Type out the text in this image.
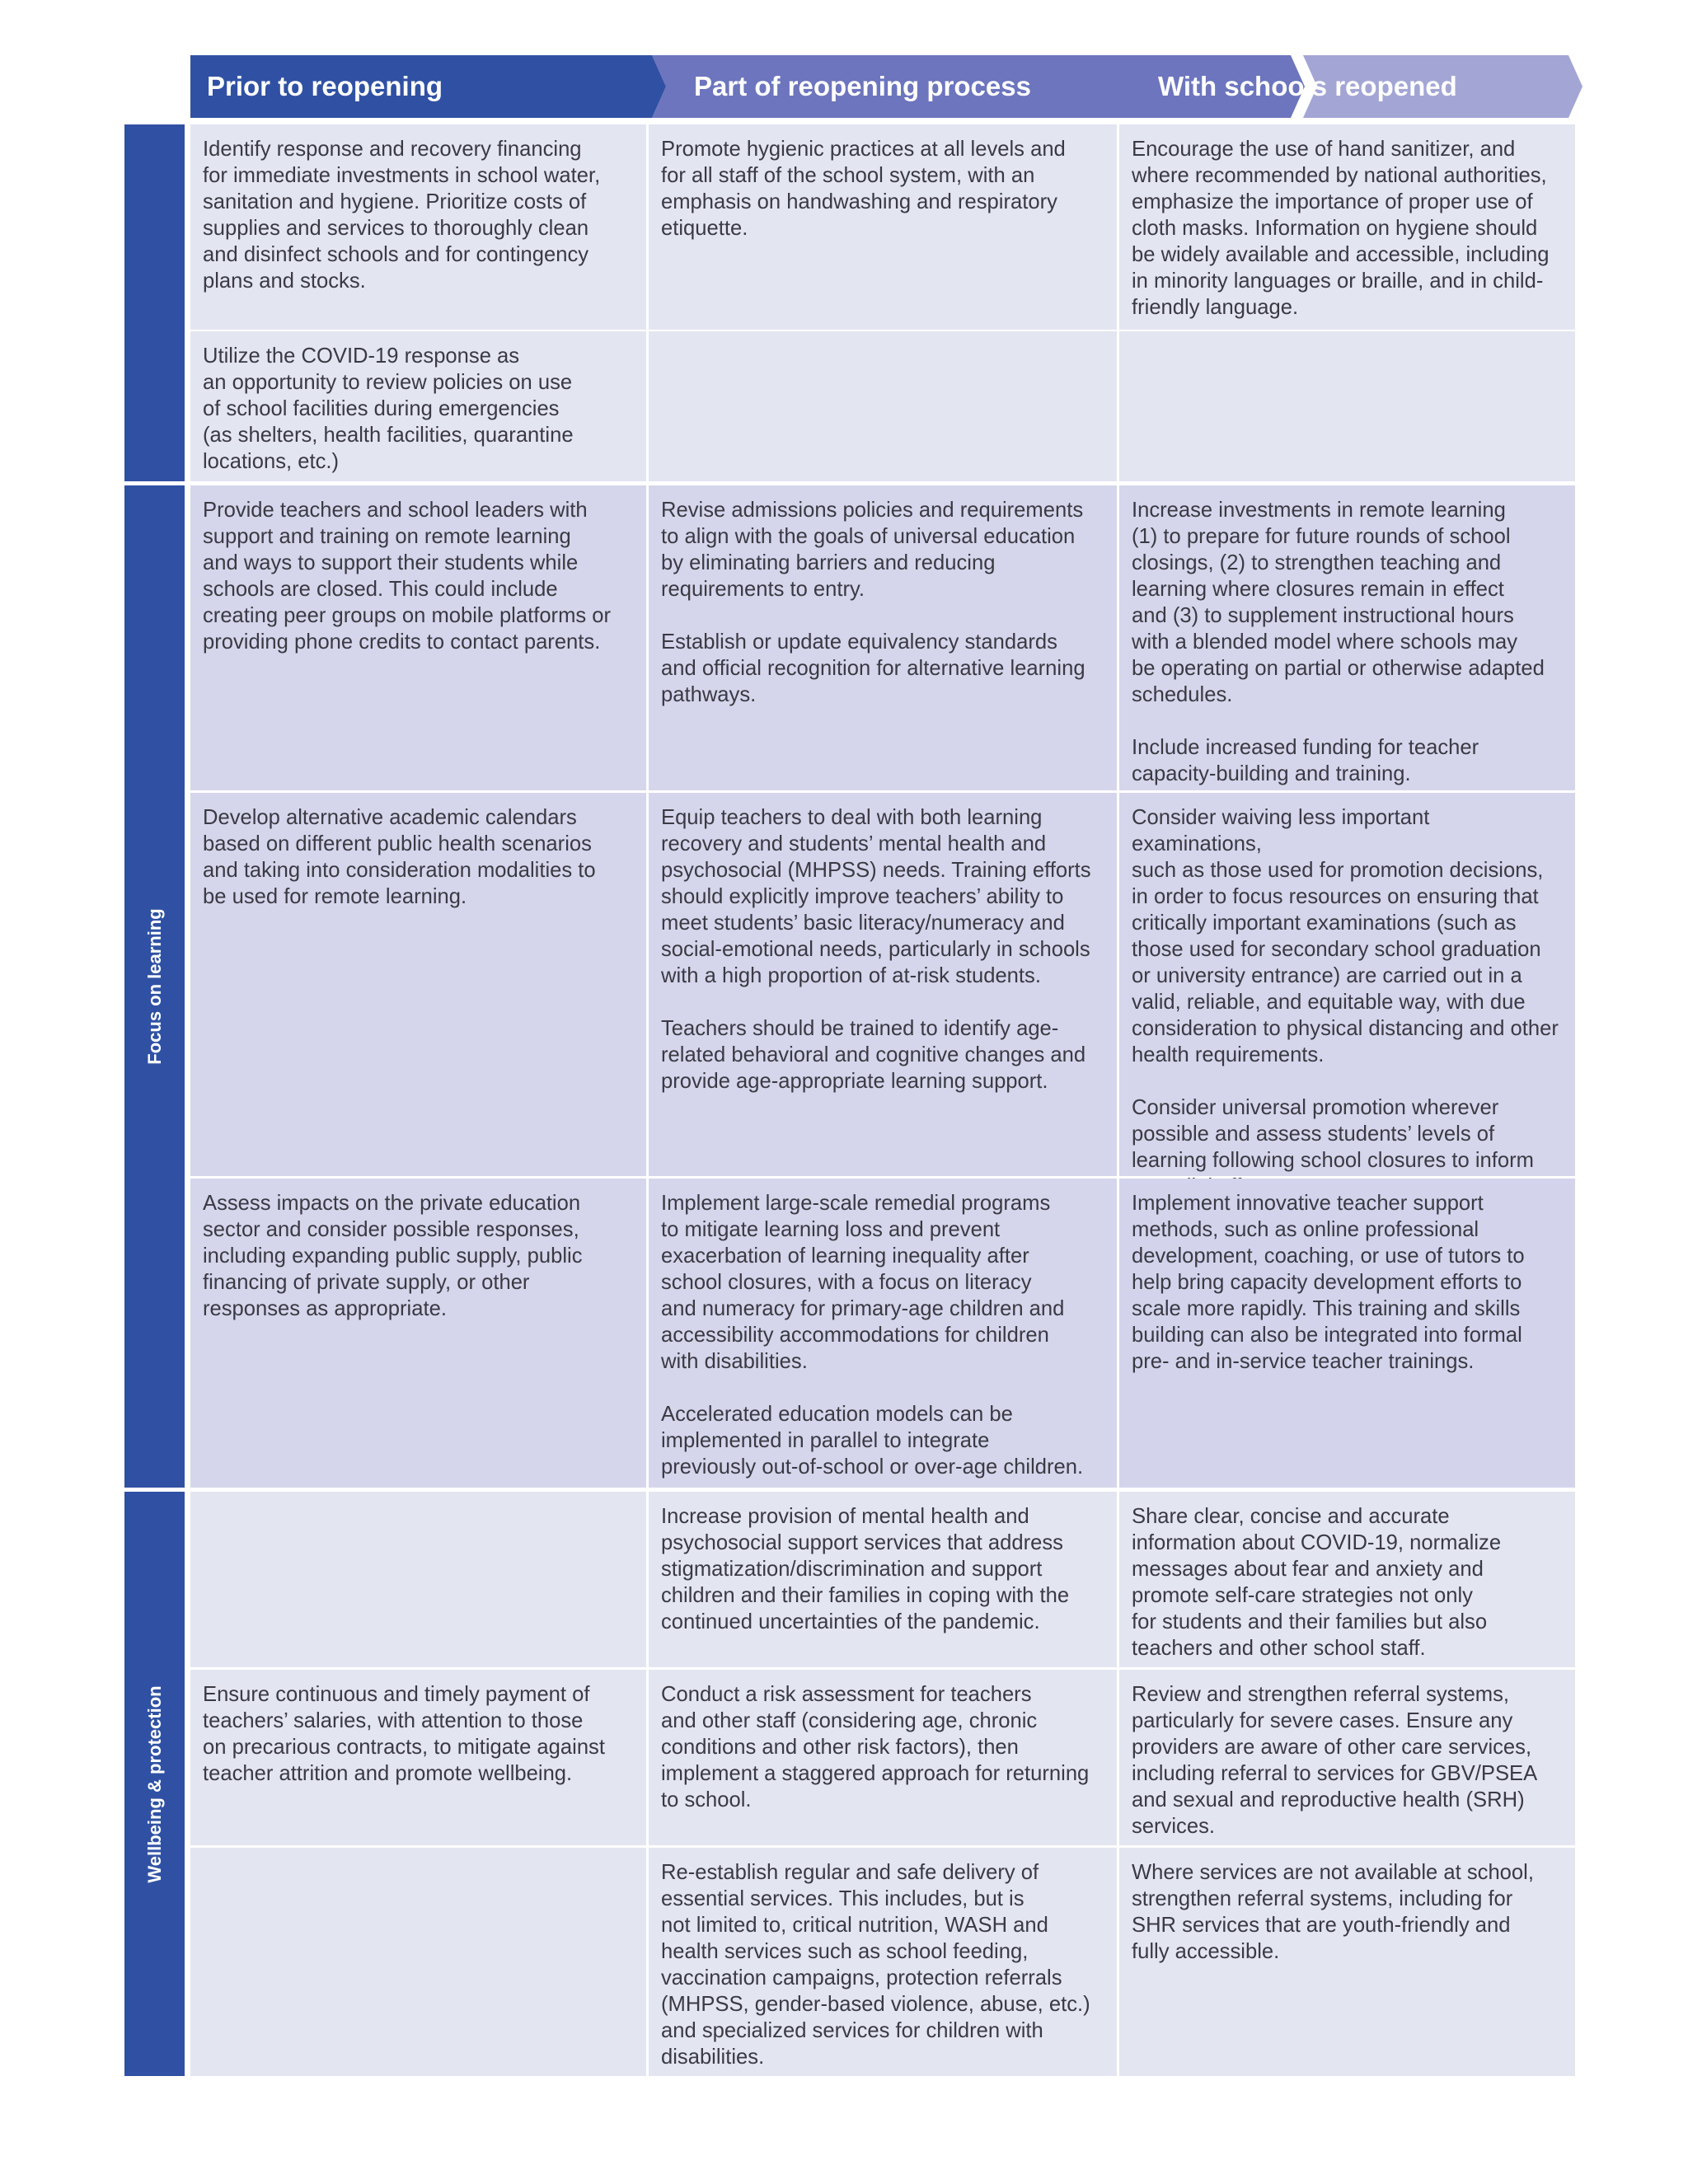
Prior to reopening	Part of reopening process	With schools reopened
Focus on learning
Wellbeing & protection
Identify response and recovery financing
for immediate investments in school water,
sanitation and hygiene. Prioritize costs of
supplies and services to thoroughly clean
and disinfect schools and for contingency
plans and stocks.
Promote hygienic practices at all levels and
for all staff of the school system, with an
emphasis on handwashing and respiratory
etiquette.
Encourage the use of hand sanitizer, and
where recommended by national authorities,
emphasize the importance of proper use of
cloth masks. Information on hygiene should
be widely available and accessible, including
in minority languages or braille, and in child-
friendly language.
Utilize the COVID-19 response as
an opportunity to review policies on use
of school facilities during emergencies
(as shelters, health facilities, quarantine
locations, etc.)
Provide teachers and school leaders with
support and training on remote learning
and ways to support their students while
schools are closed. This could include
creating peer groups on mobile platforms or
providing phone credits to contact parents.
Revise admissions policies and requirements
to align with the goals of universal education
by eliminating barriers and reducing
requirements to entry.

Establish or update equivalency standards
and official recognition for alternative learning
pathways.
Increase investments in remote learning
(1) to prepare for future rounds of school
closings, (2) to strengthen teaching and
learning where closures remain in effect
and (3) to supplement instructional hours
with a blended model where schools may
be operating on partial or otherwise adapted
schedules.

Include increased funding for teacher
capacity-building and training.
Develop alternative academic calendars
based on different public health scenarios
and taking into consideration modalities to
be used for remote learning.
Equip teachers to deal with both learning
recovery and students’ mental health and
psychosocial (MHPSS) needs. Training efforts
should explicitly improve teachers’ ability to
meet students’ basic literacy/numeracy and
social-emotional needs, particularly in schools
with a high proportion of at-risk students.

Teachers should be trained to identify age-
related behavioral and cognitive changes and
provide age-appropriate learning support.
Consider waiving less important examinations,
such as those used for promotion decisions,
in order to focus resources on ensuring that
critically important examinations (such as
those used for secondary school graduation
or university entrance) are carried out in a
valid, reliable, and equitable way, with due
consideration to physical distancing and other
health requirements.

Consider universal promotion wherever
possible and assess students’ levels of
learning following school closures to inform

Assess impacts on the private education
sector and consider possible responses,
including expanding public supply, public
financing of private supply, or other
responses as appropriate.
Implement large-scale remedial programs
to mitigate learning loss and prevent
exacerbation of learning inequality after
school closures, with a focus on literacy
and numeracy for primary-age children and
accessibility accommodations for children
with disabilities.

Accelerated education models can be
implemented in parallel to integrate
previously out-of-school or over-age children.
Implement innovative teacher support
methods, such as online professional
development, coaching, or use of tutors to
help bring capacity development efforts to
scale more rapidly. This training and skills
building can also be integrated into formal
pre- and in-service teacher trainings.
Increase provision of mental health and
psychosocial support services that address
stigmatization/discrimination and support
children and their families in coping with the
continued uncertainties of the pandemic.
Share clear, concise and accurate
information about COVID-19, normalize
messages about fear and anxiety and
promote self-care strategies not only
for students and their families but also
teachers and other school staff.
Ensure continuous and timely payment of
teachers’ salaries, with attention to those
on precarious contracts, to mitigate against
teacher attrition and promote wellbeing.
Conduct a risk assessment for teachers
and other staff (considering age, chronic
conditions and other risk factors), then
implement a staggered approach for returning
to school.
Review and strengthen referral systems,
particularly for severe cases. Ensure any
providers are aware of other care services,
including referral to services for GBV/PSEA
and sexual and reproductive health (SRH)
services.
Re-establish regular and safe delivery of
essential services. This includes, but is
not limited to, critical nutrition, WASH and
health services such as school feeding,
vaccination campaigns, protection referrals
(MHPSS, gender-based violence, abuse, etc.)
and specialized services for children with
disabilities.
Where services are not available at school,
strengthen referral systems, including for
SHR services that are youth-friendly and
fully accessible.
